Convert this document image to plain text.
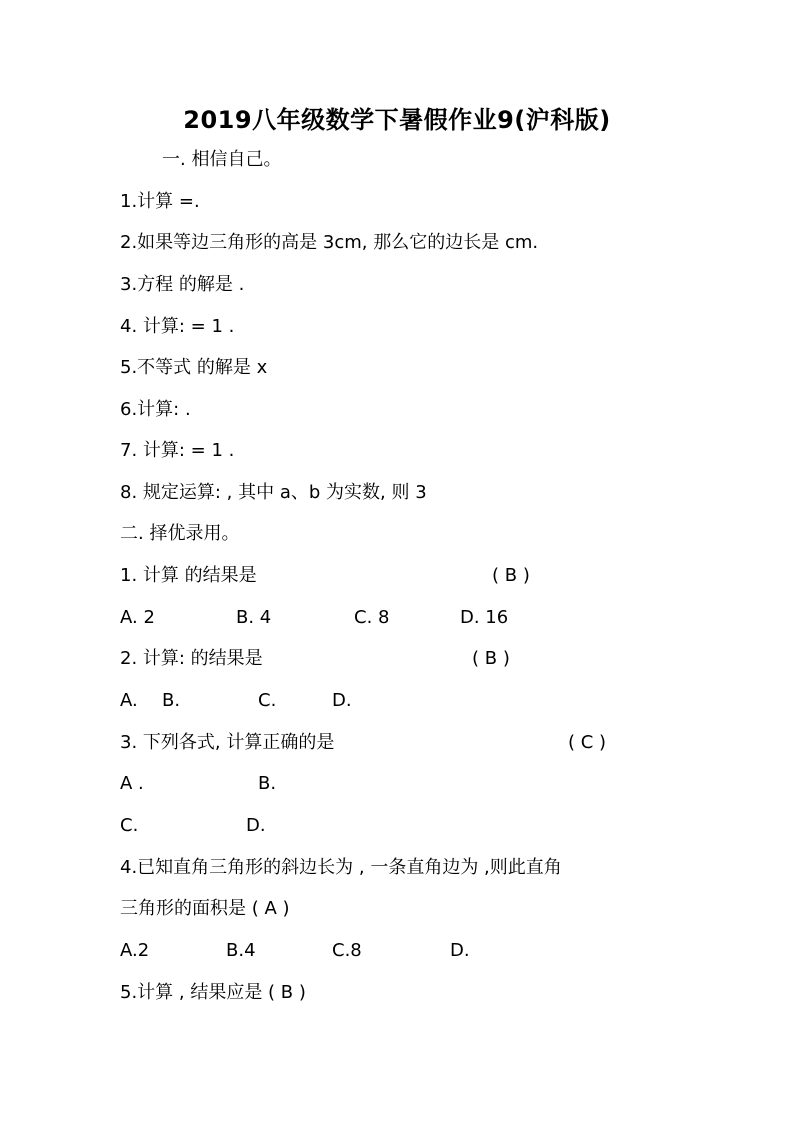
2019八年级数学下暑假作业9(沪科版)
一. 相信自己。
1.计算 =.
2.如果等边三角形的高是 3cm, 那么它的边长是 cm.
3.方程 的解是 .
4. 计算: = 1 .
5.不等式 的解是 x
6.计算: .
7. 计算: = 1 .
8. 规定运算: , 其中 a、b 为实数, 则 3
二. 择优录用。
1. 计算 的结果是	( B )
A. 2	B. 4	C. 8	D. 16
2. 计算: 的结果是	( B )
A. B.	C.	D.
3. 下列各式, 计算正确的是	( C )
A .	B.
C.	D.
4.已知直角三角形的斜边长为 , 一条直角边为 ,则此直角
三角形的面积是 ( A )
A.2	B.4	C.8	D.
5.计算 , 结果应是 ( B )
